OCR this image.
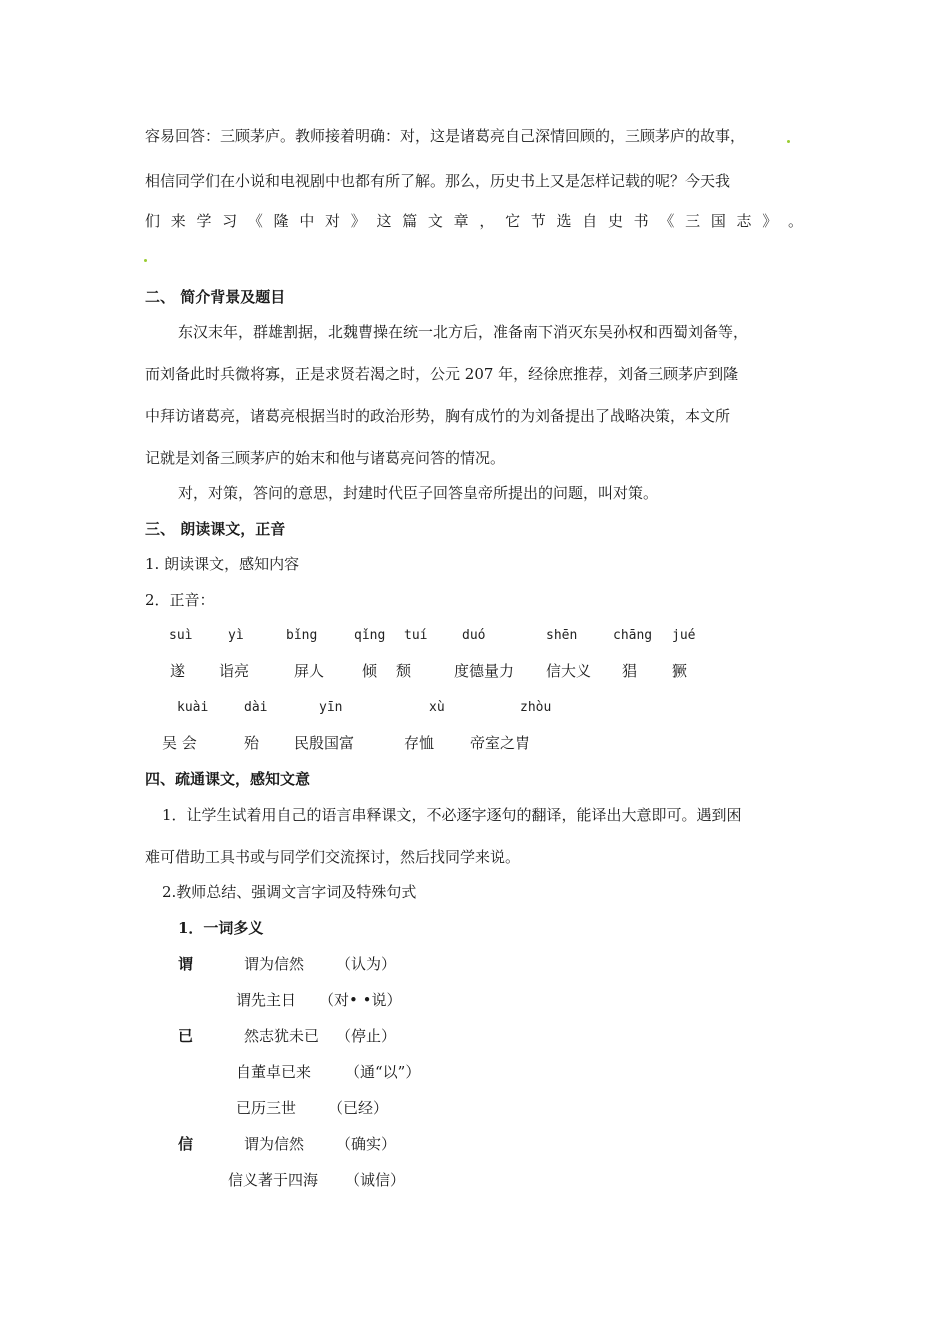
容易回答：三顾茅庐。教师接着明确：对，这是诸葛亮自己深情回顾的，三顾茅庐的故事，
相信同学们在小说和电视剧中也都有所了解。那么，历史书上又是怎样记载的呢？今天我
们 来 学 习 《 隆 中 对 》 这 篇 文 章 ， 它 节 选 自 史 书 《 三 国 志 》 。
二、 简介背景及题目
东汉末年，群雄割据，北魏曹操在统一北方后，准备南下消灭东吴孙权和西蜀刘备等，
而刘备此时兵微将寡，正是求贤若渴之时，公元 207 年，经徐庶推荐，刘备三顾茅庐到隆
中拜访诸葛亮，诸葛亮根据当时的政治形势，胸有成竹的为刘备提出了战略决策，本文所
记就是刘备三顾茅庐的始末和他与诸葛亮问答的情况。
对，对策，答问的意思，封建时代臣子回答皇帝所提出的问题，叫对策。
三、 朗读课文，正音
1. 朗读课文，感知内容
2．正音：
suì	yì	bǐng	qǐng tuí	duó	shēn	chāng jué
遂 诣亮	屏人	倾 颓	度德量力 信大义 猖 獗
kuài	dài	yīn	xù	zhòu
吴 会	殆 民殷国富	存恤 帝室之胄
四、疏通课文，感知文意
1．让学生试着用自己的语言串释课文，不必逐字逐句的翻译，能译出大意即可。遇到困
难可借助工具书或与同学们交流探讨，然后找同学来说。
2.教师总结、强调文言字词及特殊句式
1．一词多义
谓	谓为信然 （认为）
谓先主日 （对• •说）
已	然志犹未已 （停止）
自董卓已来 （通“以”）
已历三世 （已经）
信	谓为信然 （确实）
信义著于四海 （诚信）
